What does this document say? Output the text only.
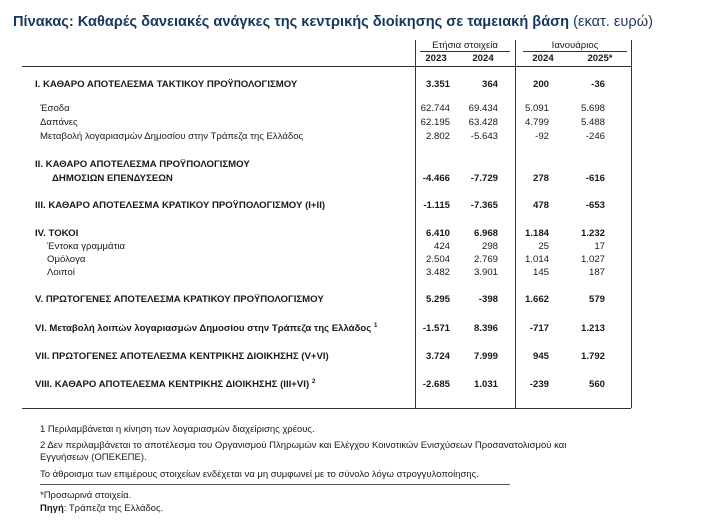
Πίνακας: Καθαρές δανειακές ανάγκες της κεντρικής διοίκησης σε ταμειακή βάση (εκατ. ευρώ)
Ετήσια στοιχεία	Ιανουάριος
2023	2024	2024	2025*
I. ΚΑΘΑΡΟ ΑΠΟΤΕΛΕΣΜΑ ΤΑΚΤΙΚΟΥ ΠΡΟΫΠΟΛΟΓΙΣΜΟΥ	3.351	364	200	-36
Έσοδα	62.744	69.434	5.091	5.698
Δαπάνες	62.195	63.428	4.799	5.488
Μεταβολή λογαριασμών Δημοσίου στην Τράπεζα της Ελλάδος	2.802	-5.643	-92	-246
II. ΚΑΘΑΡΟ ΑΠΟΤΕΛΕΣΜΑ ΠΡΟΫΠΟΛΟΓΙΣΜΟΥ
ΔΗΜΟΣΙΩΝ ΕΠΕΝΔΥΣΕΩΝ	-4.466	-7.729	278	-616
III. ΚΑΘΑΡΟ ΑΠΟΤΕΛΕΣΜΑ ΚΡΑΤΙΚΟΥ ΠΡΟΫΠΟΛΟΓΙΣΜΟΥ (I+II)	-1.115	-7.365	478	-653
IV. ΤΟΚΟΙ	6.410	6.968	1.184	1.232
Έντοκα γραμμάτια	424	298	25	17
Ομόλογα	2.504	2.769	1.014	1.027
Λοιποί	3.482	3.901	145	187
V. ΠΡΩΤΟΓΕΝΕΣ ΑΠΟΤΕΛΕΣΜΑ ΚΡΑΤΙΚΟΥ ΠΡΟΫΠΟΛΟΓΙΣΜΟΥ	5.295	-398	1.662	579
VI. Μεταβολή λοιπών λογαριασμών Δημοσίου στην Τράπεζα της Ελλάδος $^1$	-1.571	8.396	-717	1.213
VII. ΠΡΩΤΟΓΕΝΕΣ ΑΠΟΤΕΛΕΣΜΑ ΚΕΝΤΡΙΚΗΣ ΔΙΟΙΚΗΣΗΣ (V+VI)	3.724	7.999	945	1.792
VIII. ΚΑΘΑΡΟ ΑΠΟΤΕΛΕΣΜΑ ΚΕΝΤΡΙΚΗΣ ΔΙΟΙΚΗΣΗΣ (III+VI) $^2$	-2.685	1.031	-239	560
1 Περιλαμβάνεται η κίνηση των λογαριασμών διαχείρισης χρέους.
2 Δεν περιλαμβάνεται το αποτέλεσμα του Οργανισμού Πληρωμών και Ελέγχου Κοινοτικών Ενισχύσεων Προσανατολισμού και
Εγγυήσεων (ΟΠΕΚΕΠΕ).
Το άθροισμα των επιμέρους στοιχείων ενδέχεται να μη συμφωνεί με το σύνολο λόγω στρογγυλοποίησης.
*Προσωρινά στοιχεία.
Πηγή: Τράπεζα της Ελλάδος.
